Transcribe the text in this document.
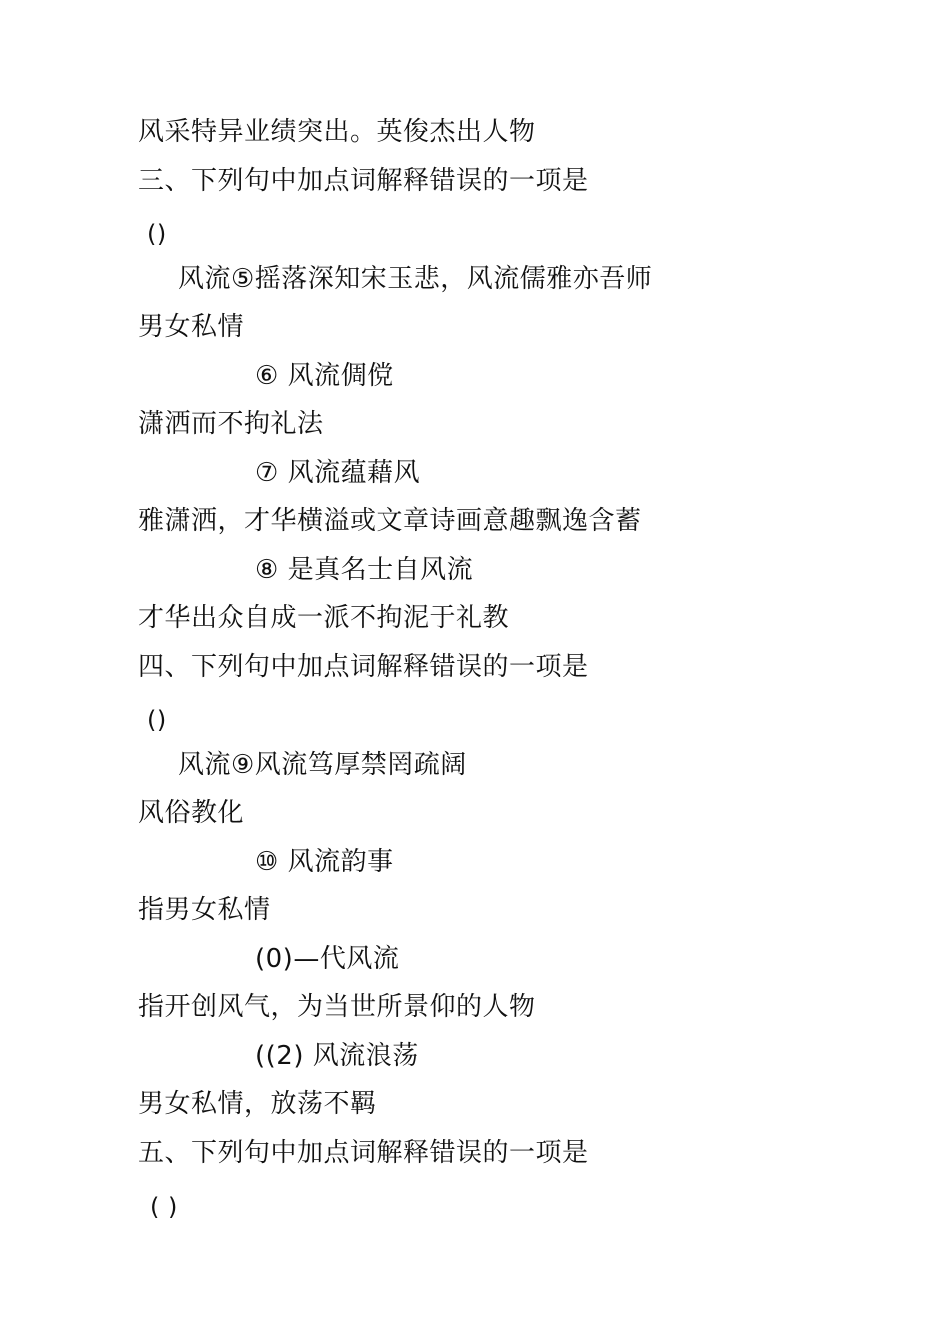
风采特异业绩突出。英俊杰出人物
三、下列句中加点词解释错误的一项是
()
风流⑤摇落深知宋玉悲，风流儒雅亦吾师
男女私情
⑥ 风流倜傥
潇洒而不拘礼法
⑦ 风流蕴藉风
雅潇洒，才华横溢或文章诗画意趣飘逸含蓄
⑧ 是真名士自风流
才华出众自成一派不拘泥于礼教
四、下列句中加点词解释错误的一项是
()
风流⑨风流笃厚禁罔疏阔
风俗教化
⑩ 风流韵事
指男女私情
(0)—代风流
指开创风气，为当世所景仰的人物
((2) 风流浪荡
男女私情，放荡不羁
五、下列句中加点词解释错误的一项是
( )
